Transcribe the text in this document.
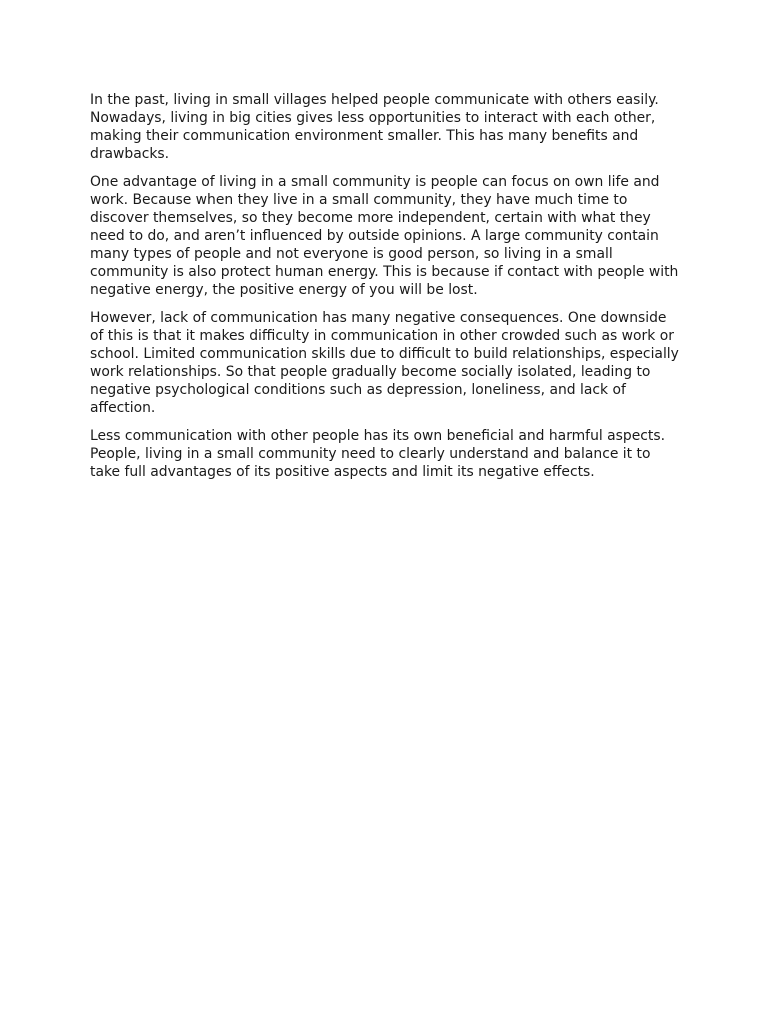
In the past, living in small villages helped people communicate with others easily. Nowadays, living in big cities gives less opportunities to interact with each other, making their communication environment smaller. This has many benefits and drawbacks.

One advantage of living in a small community is people can focus on own life and work. Because when they live in a small community, they have much time to discover themselves, so they become more independent, certain with what they need to do, and aren’t influenced by outside opinions. A large community contain many types of people and not everyone is good person, so living in a small community is also protect human energy. This is because if contact with people with negative energy, the positive energy of you will be lost.

However, lack of communication has many negative consequences. One downside of this is that it makes difficulty in communication in other crowded such as work or school. Limited communication skills due to difficult to build relationships, especially work relationships. So that people gradually become socially isolated, leading to negative psychological conditions such as depression, loneliness, and lack of affection.

Less communication with other people has its own beneficial and harmful aspects. People, living in a small community need to clearly understand and balance it to take full advantages of its positive aspects and limit its negative effects.
